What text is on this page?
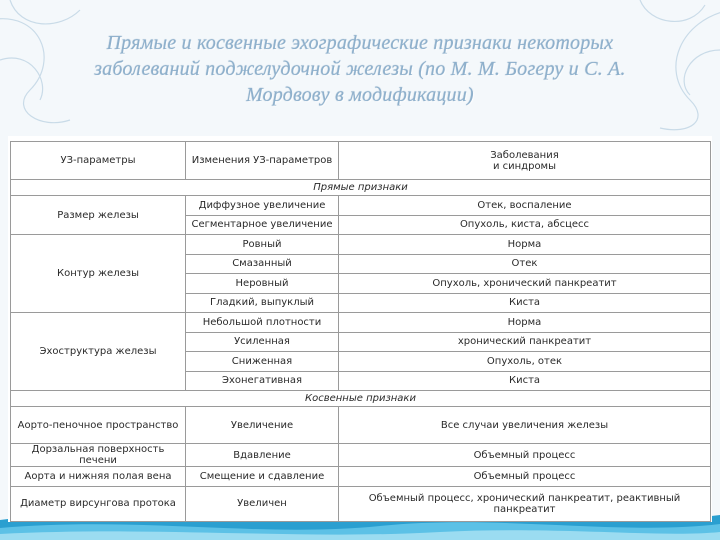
Прямые и косвенные эхографические признаки некоторых
заболеваний поджелудочной железы (по М. М. Богеру и С. А.
Мордвову в модификации)
УЗ-параметры	Изменения УЗ-параметров	Заболевания
и синдромы

Прямые признаки		
Размер железы	Диффузное увеличение	Отек, воспаление
	Сегментарное увеличение	Опухоль, киста, абсцесс
Контур железы	Ровный	Норма
	Смазанный	Отек
	Неровный	Опухоль, хронический панкреатит
	Гладкий, выпуклый	Киста
Эхоструктура железы	Небольшой плотности	Норма
	Усиленная	хронический панкреатит
	Сниженная	Опухоль, отек
	Эхонегативная	Киста
Косвенные признаки		
Аорто-пеночное пространство	Увеличение	Все случаи увеличения железы
Дорзальная поверхность печени	Вдавление	Объемный процесс
Аорта и нижняя полая вена	Смещение и сдавление	Объемный процесс
Диаметр вирсунгова протока	Увеличен	Объемный процесс, хронический панкреатит, реактивный панкреатит
